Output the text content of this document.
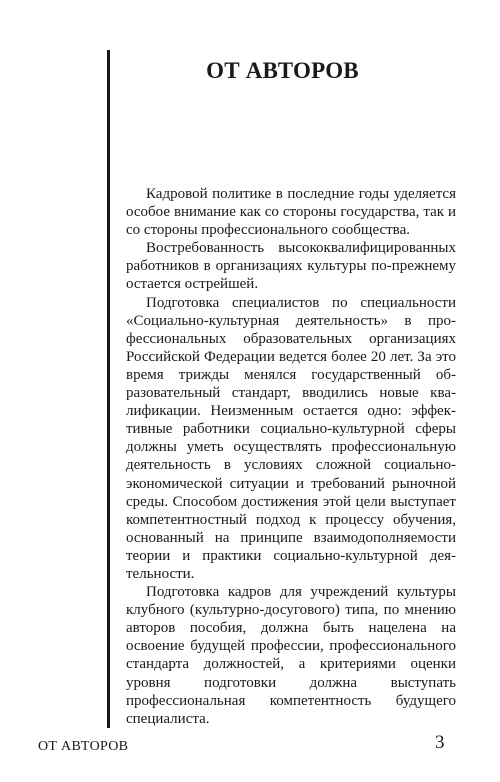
ОТ АВТОРОВ

Кадровой политике в последние годы уделяется особое внимание как со стороны государства, так и со стороны профессионального сообщества.

Востребованность высококвалифицированных работников в организациях культуры по-прежнему остается острейшей.

Подготовка специалистов по специальности «Социально-культурная деятельность» в профессиональных образовательных организациях Российской Федерации ведется более 20 лет. За это время трижды менялся государственный образовательный стандарт, вводились новые квалификации. Неизменным остается одно: эффективные работники социально-культурной сферы должны уметь осуществлять профессиональную деятельность в условиях сложной социально-экономической ситуации и требований рыночной среды. Способом достижения этой цели выступает компетентностный подход к процессу обучения, основанный на принципе взаимодополняемости теории и практики социально-культурной деятельности.

Подготовка кадров для учреждений культуры клубного (культурно-досугового) типа, по мнению авторов пособия, должна быть нацелена на освоение будущей профессии, профессионального стандарта должностей, а критериями оценки уровня подготовки должна выступать профессиональная компетентность будущего специалиста.

ОТ АВТОРОВ	3
